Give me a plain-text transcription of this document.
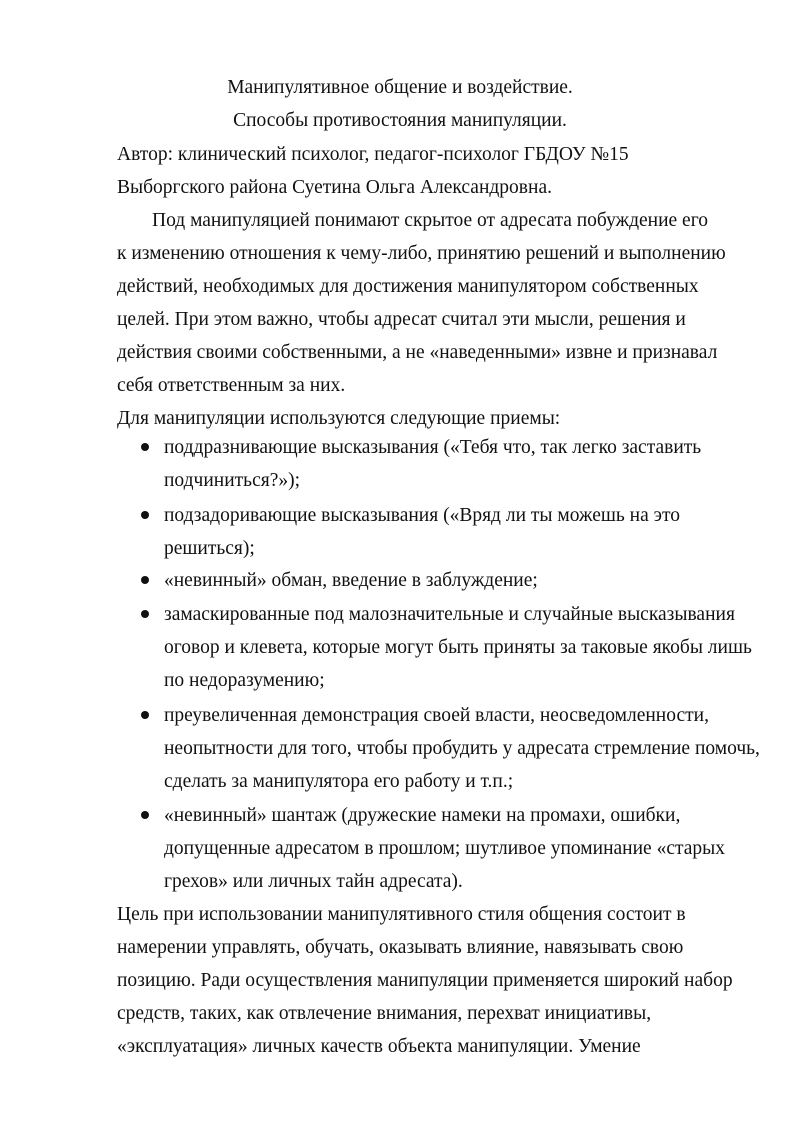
Манипулятивное общение и воздействие.
Способы противостояния манипуляции.
Автор: клинический психолог, педагог-психолог ГБДОУ №15
Выборгского района Суетина Ольга Александровна.
Под манипуляцией понимают скрытое от адресата побуждение его
к изменению отношения к чему-либо, принятию решений и выполнению
действий, необходимых для достижения манипулятором собственных
целей. При этом важно, чтобы адресат считал эти мысли, решения и
действия своими собственными, а не «наведенными» извне и признавал
себя ответственным за них.
Для манипуляции используются следующие приемы:
поддразнивающие высказывания («Тебя что, так легко заставить
подчиниться?»);
подзадоривающие высказывания («Вряд ли ты можешь на это
решиться);
«невинный» обман, введение в заблуждение;
замаскированные под малозначительные и случайные высказывания
оговор и клевета, которые могут быть приняты за таковые якобы лишь
по недоразумению;
преувеличенная демонстрация своей власти, неосведомленности,
неопытности для того, чтобы пробудить у адресата стремление помочь,
сделать за манипулятора его работу и т.п.;
«невинный» шантаж (дружеские намеки на промахи, ошибки,
допущенные адресатом в прошлом; шутливое упоминание «старых
грехов» или личных тайн адресата).
Цель при использовании манипулятивного стиля общения состоит в
намерении управлять, обучать, оказывать влияние, навязывать свою
позицию. Ради осуществления манипуляции применяется широкий набор
средств, таких, как отвлечение внимания, перехват инициативы,
«эксплуатация» личных качеств объекта манипуляции. Умение
